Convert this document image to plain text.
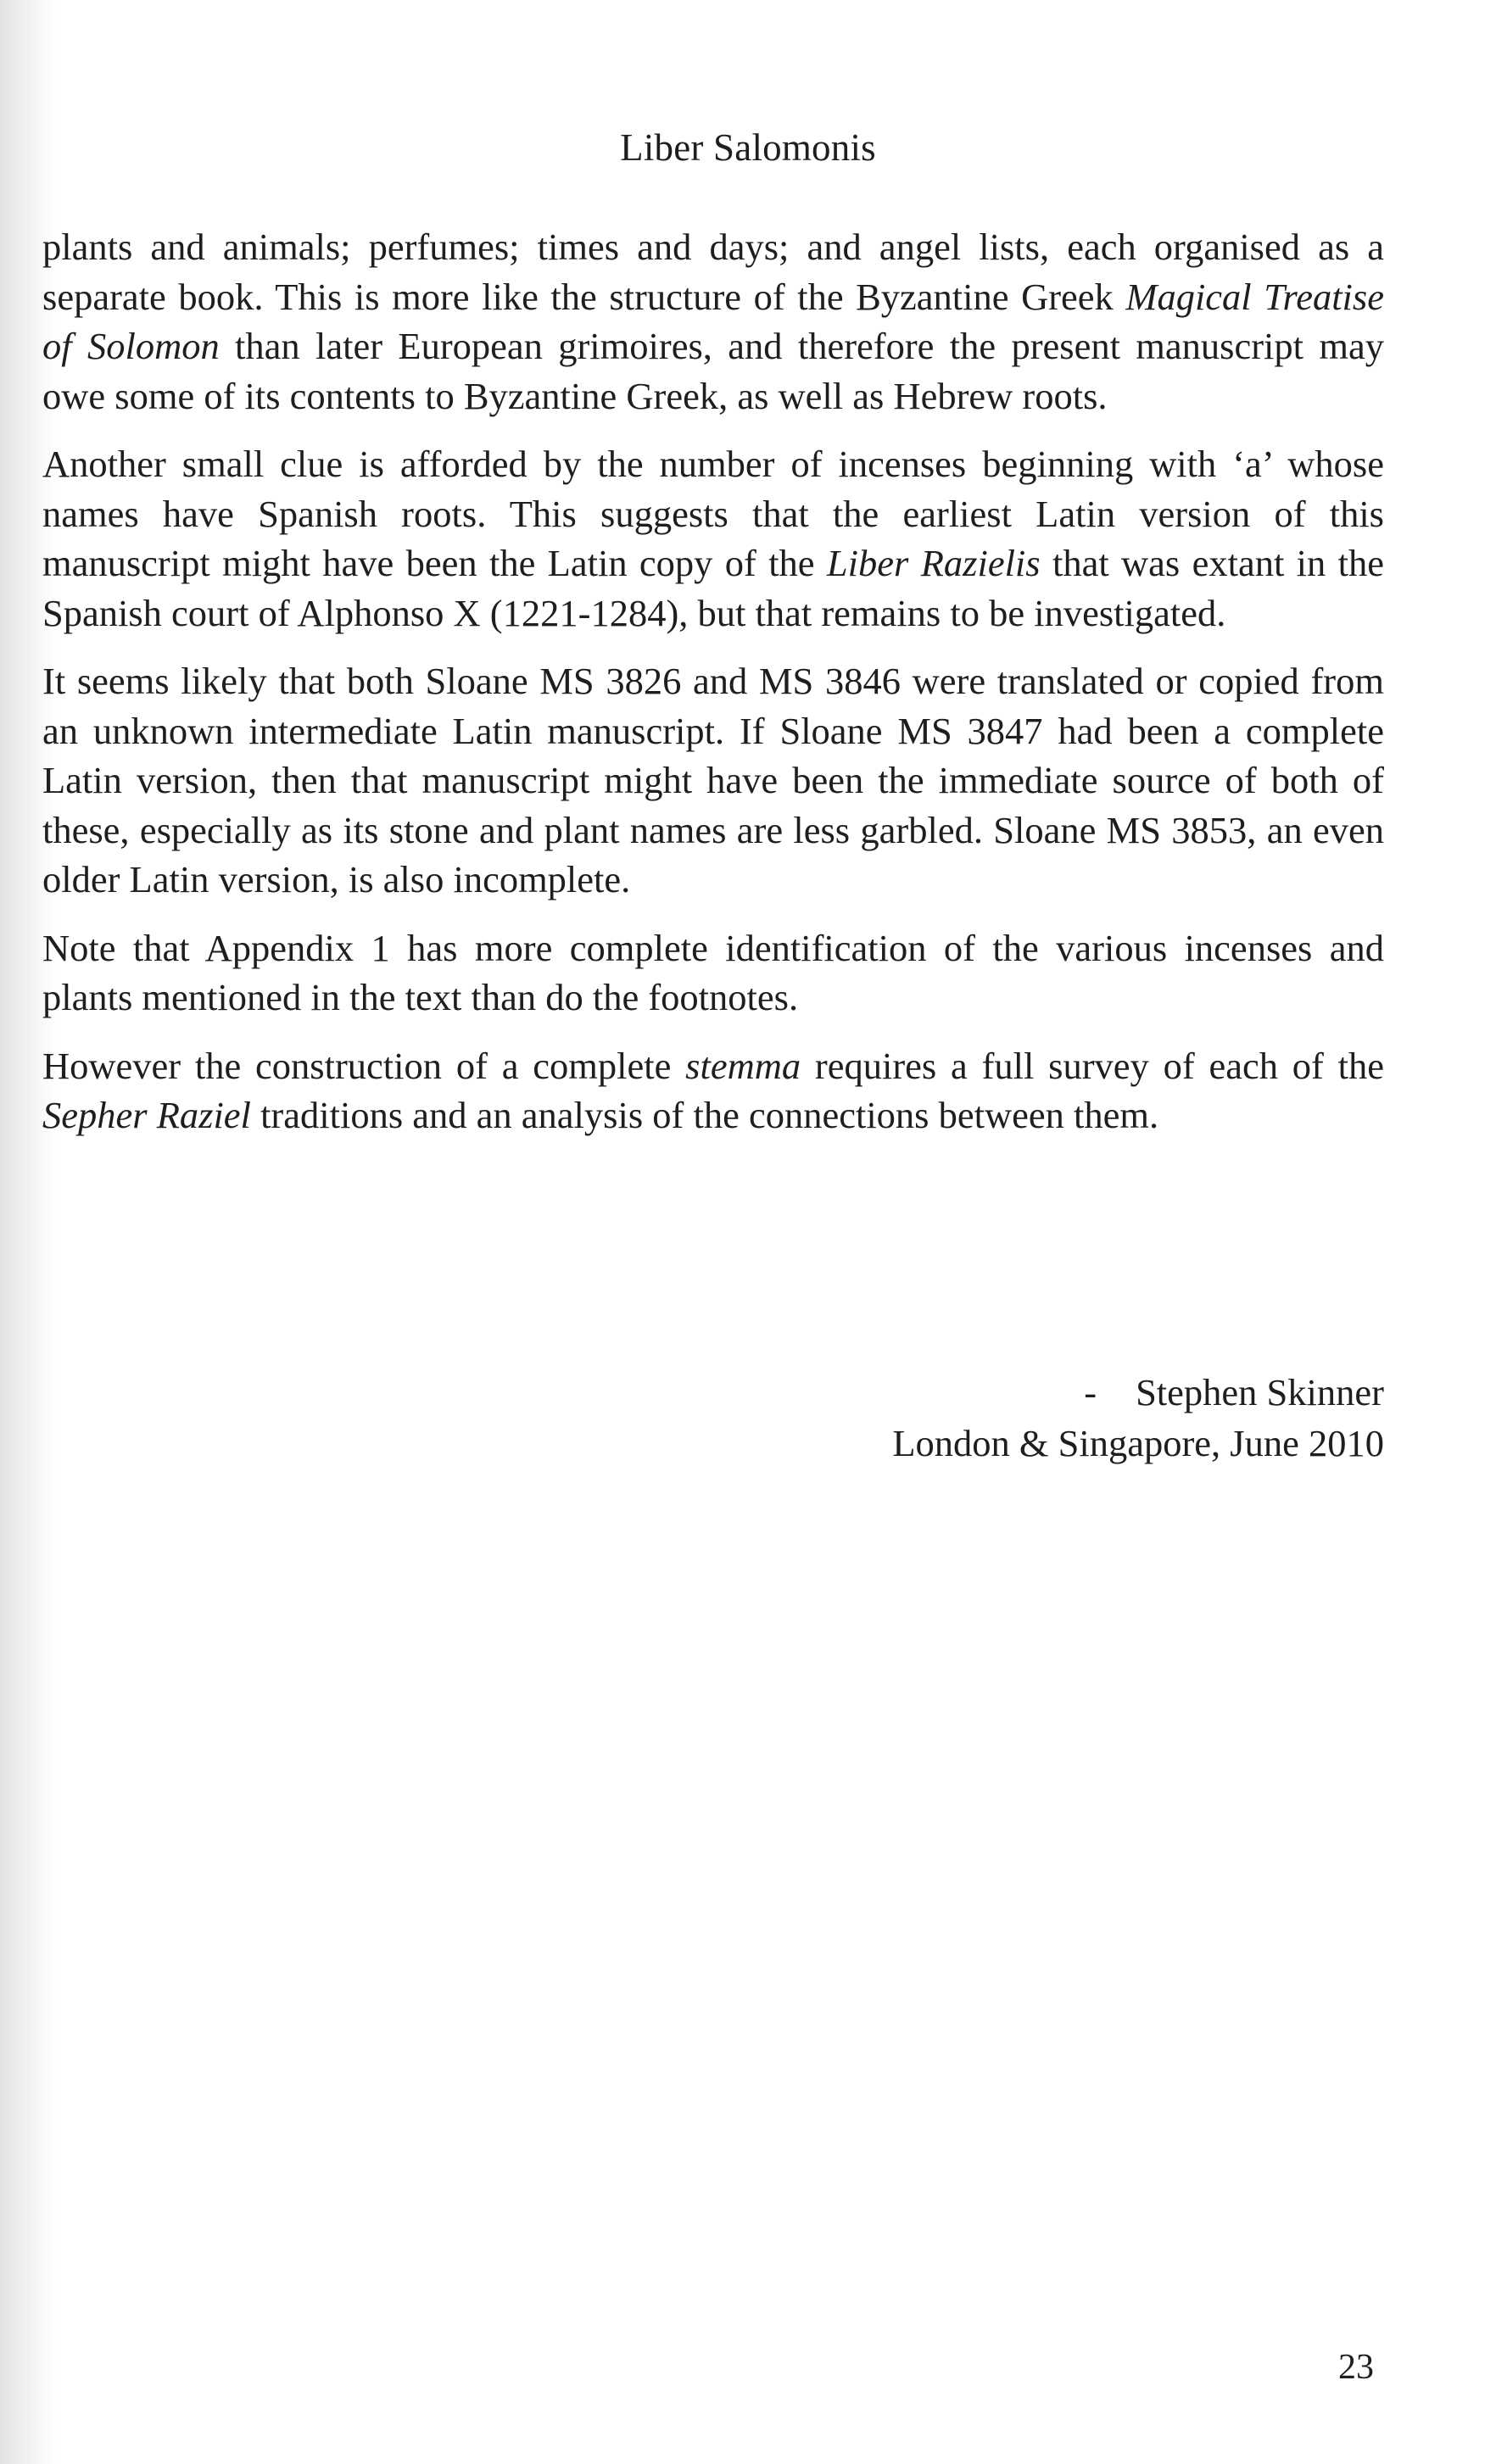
Liber Salomonis

plants and animals; perfumes; times and days; and angel lists, each organised as a separate book. This is more like the structure of the Byzantine Greek Magical Treatise of Solomon than later European grimoires, and therefore the present manuscript may owe some of its contents to Byzantine Greek, as well as Hebrew roots.

Another small clue is afforded by the number of incenses beginning with ‘a’ whose names have Spanish roots. This suggests that the earliest Latin version of this manuscript might have been the Latin copy of the Liber Razielis that was extant in the Spanish court of Alphonso X (1221-1284), but that remains to be investigated.

It seems likely that both Sloane MS 3826 and MS 3846 were translated or copied from an unknown intermediate Latin manuscript. If Sloane MS 3847 had been a complete Latin version, then that manuscript might have been the immediate source of both of these, especially as its stone and plant names are less garbled. Sloane MS 3853, an even older Latin version, is also incomplete.

Note that Appendix 1 has more complete identification of the various incenses and plants mentioned in the text than do the footnotes.

However the construction of a complete stemma requires a full survey of each of the Sepher Raziel traditions and an analysis of the connections between them.

- Stephen Skinner
London & Singapore, June 2010
23
